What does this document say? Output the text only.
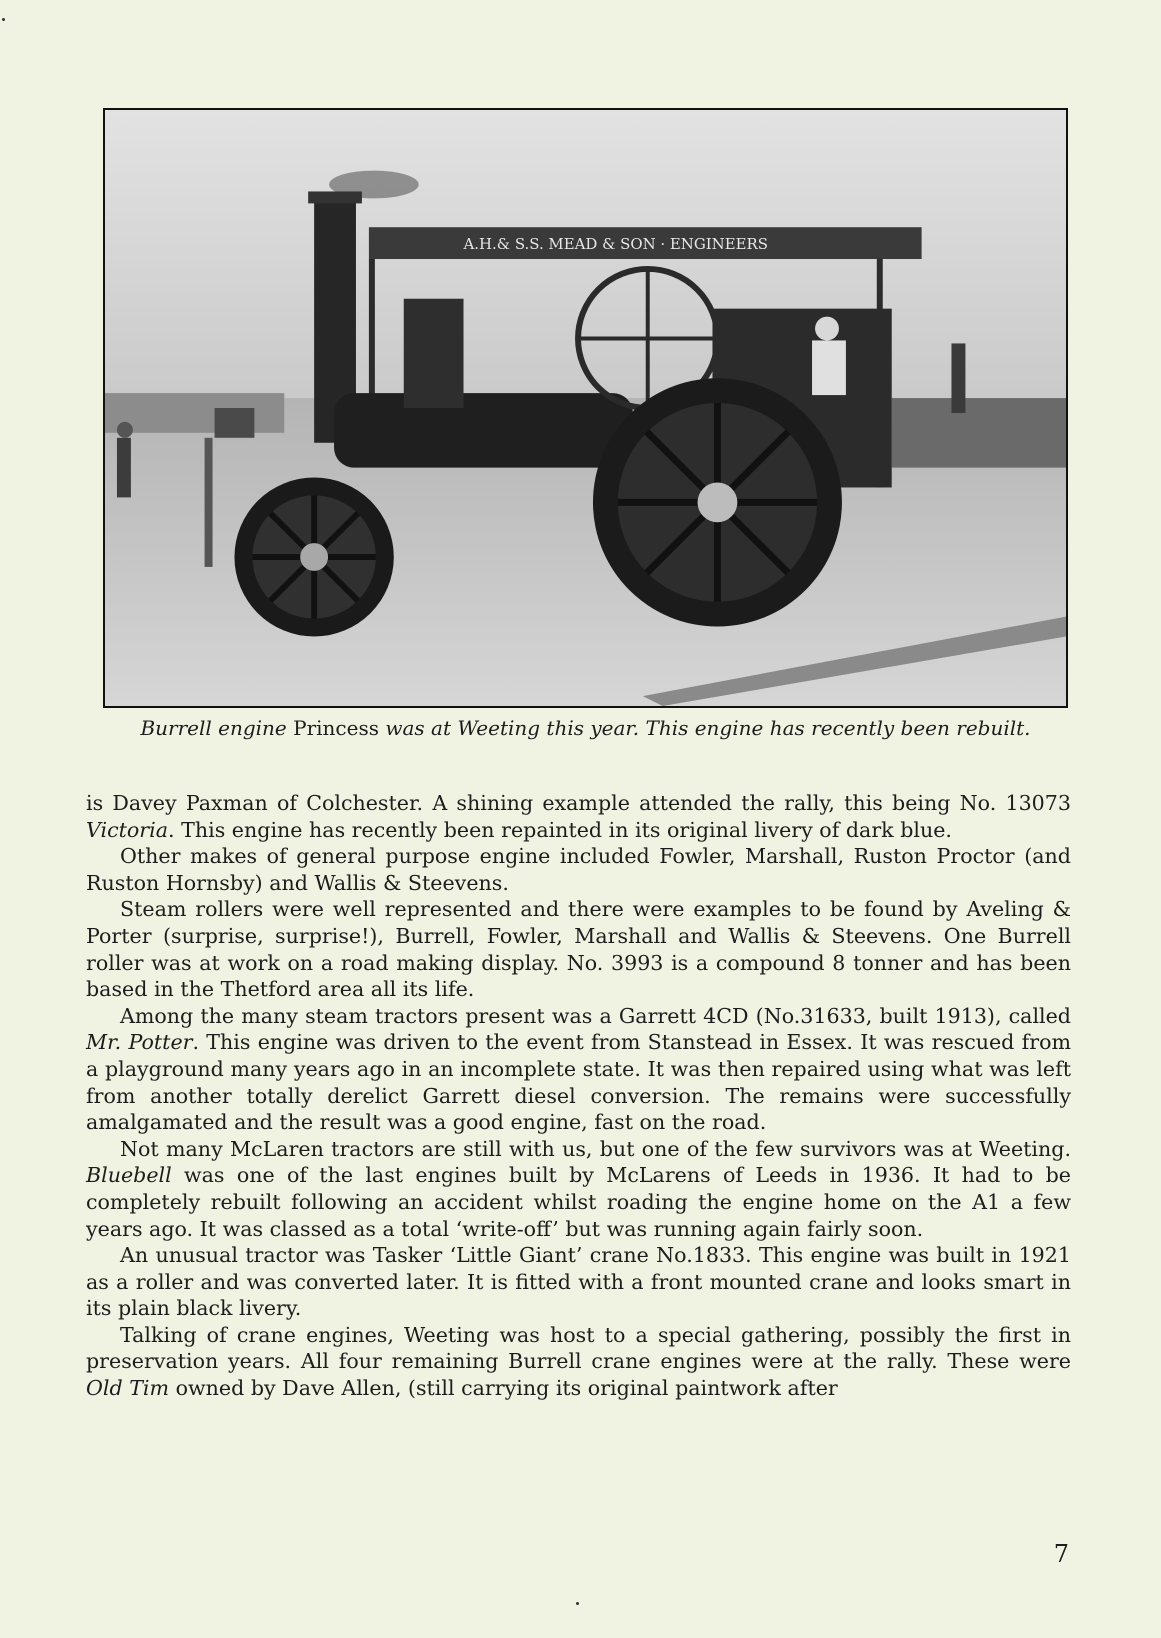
A.H.& S.S. MEAD & SON · ENGINEERS
Burrell engine Princess was at Weeting this year. This engine has recently been rebuilt.

is Davey Paxman of Colchester. A shining example attended the rally, this being No. 13073 Victoria. This engine has recently been repainted in its original livery of dark blue.

Other makes of general purpose engine included Fowler, Marshall, Ruston Proctor (and Ruston Hornsby) and Wallis & Steevens.

Steam rollers were well represented and there were examples to be found by Aveling & Porter (surprise, surprise!), Burrell, Fowler, Marshall and Wallis & Steevens. One Burrell roller was at work on a road making display. No. 3993 is a compound 8 tonner and has been based in the Thetford area all its life.

Among the many steam tractors present was a Garrett 4CD (No.31633, built 1913), called Mr. Potter. This engine was driven to the event from Stanstead in Essex. It was rescued from a playground many years ago in an incomplete state. It was then repaired using what was left from another totally derelict Garrett diesel conversion. The remains were successfully amalgamated and the result was a good engine, fast on the road.

Not many McLaren tractors are still with us, but one of the few survivors was at Weeting. Bluebell was one of the last engines built by McLarens of Leeds in 1936. It had to be completely rebuilt following an accident whilst roading the engine home on the A1 a few years ago. It was classed as a total ‘write-off’ but was running again fairly soon.

An unusual tractor was Tasker ‘Little Giant’ crane No.1833. This engine was built in 1921 as a roller and was converted later. It is fitted with a front mounted crane and looks smart in its plain black livery.

Talking of crane engines, Weeting was host to a special gathering, possibly the first in preservation years. All four remaining Burrell crane engines were at the rally. These were Old Tim owned by Dave Allen, (still carrying its original paintwork after

7
